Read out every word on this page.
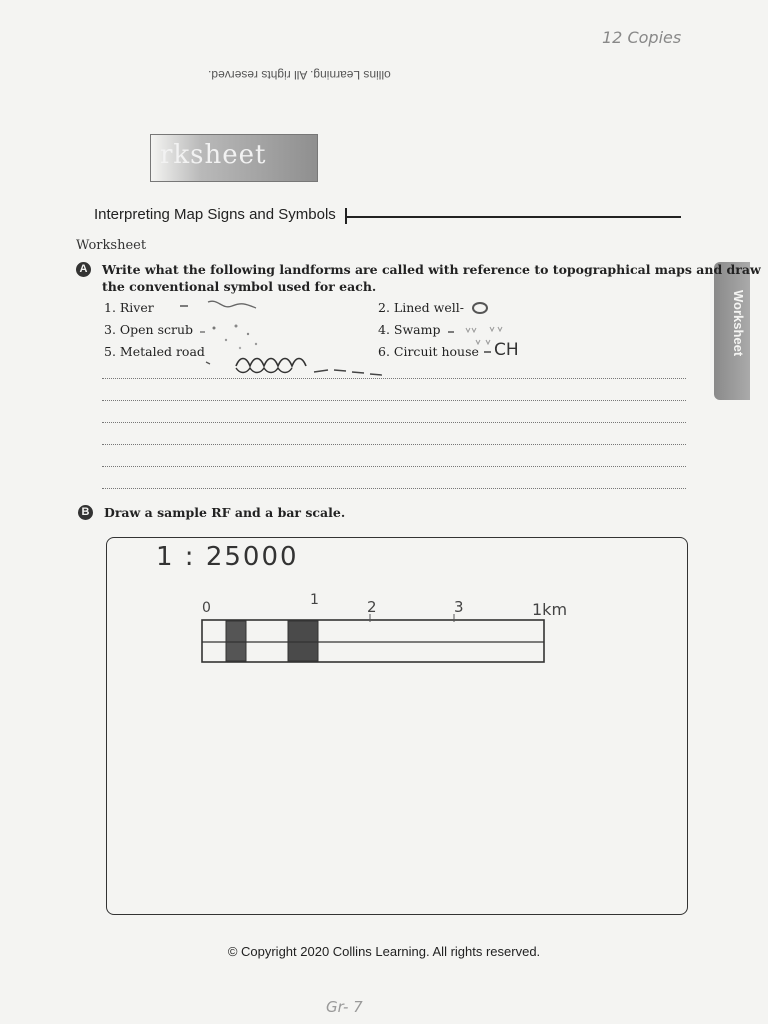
12 Copies
ollins Learning. All rights reserved.
rksheet
Interpreting Map Signs and Symbols
Worksheet
Worksheet
A Write what the following landforms are called with reference to topographical maps and draw
the conventional symbol used for each.
1. River	2. Lined well-
3. Open scrub	4. Swamp
5. Metaled road	6. Circuit house CH
B Draw a sample RF and a bar scale.
1 : 25000
0	1	2	3	1km
© Copyright 2020 Collins Learning. All rights reserved.
Gr- 7
